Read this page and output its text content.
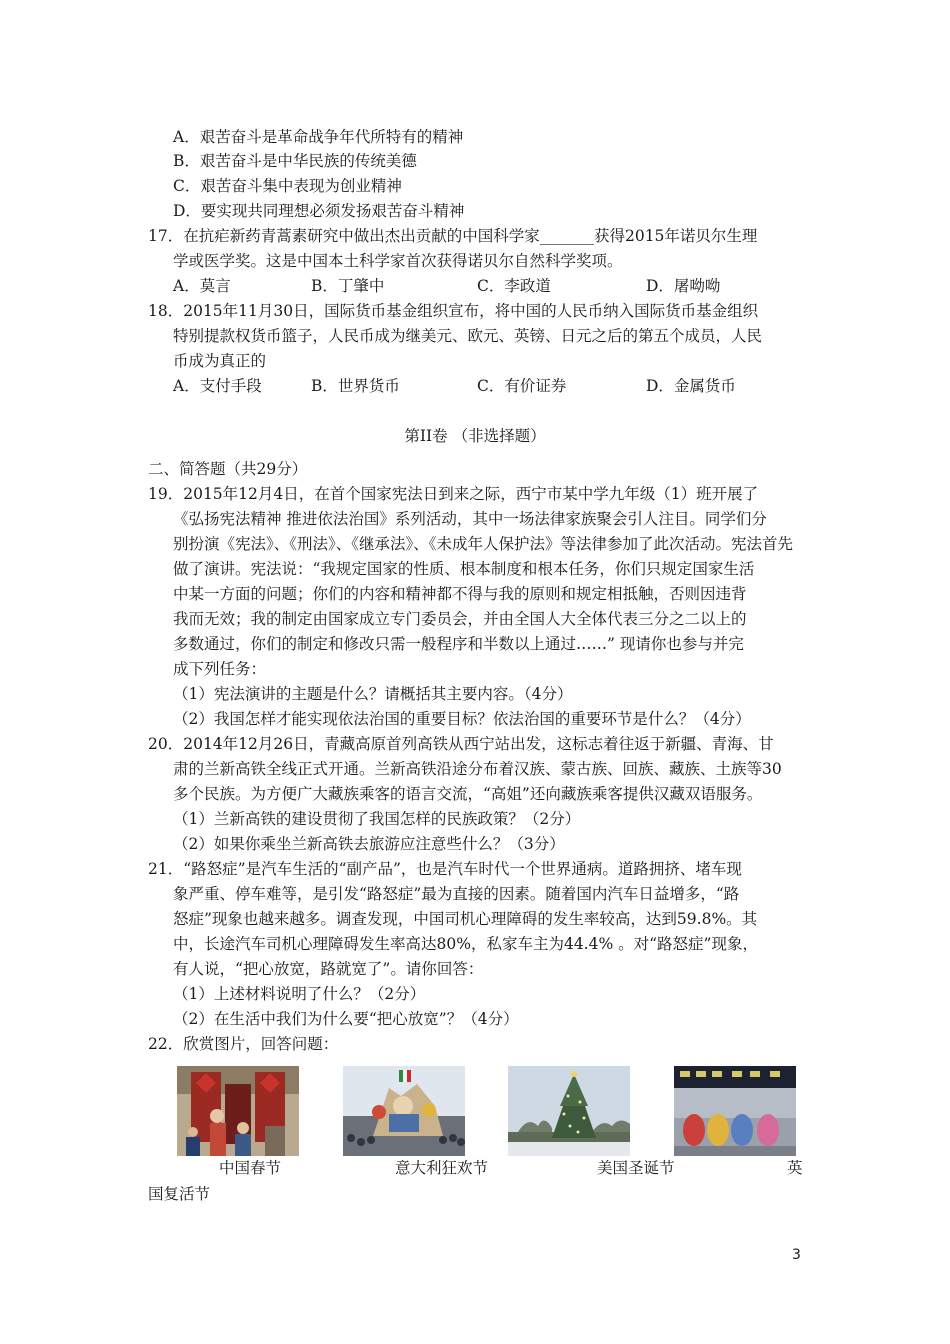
A．艰苦奋斗是革命战争年代所特有的精神
B．艰苦奋斗是中华民族的传统美德
C．艰苦奋斗集中表现为创业精神
D．要实现共同理想必须发扬艰苦奋斗精神
17．在抗疟新药青蒿素研究中做出杰出贡献的中国科学家_______获得2015年诺贝尔生理
学或医学奖。这是中国本土科学家首次获得诺贝尔自然科学奖项。
A．莫言	B．丁肇中	C．李政道	D．屠呦呦
18．2015年11月30日，国际货币基金组织宣布，将中国的人民币纳入国际货币基金组织
特别提款权货币篮子，人民币成为继美元、欧元、英镑、日元之后的第五个成员，人民
币成为真正的
A．支付手段	B．世界货币	C．有价证券	D．金属货币
第II卷 （非选择题）
二、简答题（共29分）
19．2015年12月4日，在首个国家宪法日到来之际，西宁市某中学九年级（1）班开展了
《弘扬宪法精神 推进依法治国》系列活动，其中一场法律家族聚会引人注目。同学们分
别扮演《宪法》、《刑法》、《继承法》、《未成年人保护法》等法律参加了此次活动。宪法首先
做了演讲。宪法说：“我规定国家的性质、根本制度和根本任务，你们只规定国家生活
中某一方面的问题；你们的内容和精神都不得与我的原则和规定相抵触，否则因违背
我而无效；我的制定由国家成立专门委员会，并由全国人大全体代表三分之二以上的
多数通过，你们的制定和修改只需一般程序和半数以上通过……” 现请你也参与并完
成下列任务：
（1）宪法演讲的主题是什么？请概括其主要内容。（4分）
（2）我国怎样才能实现依法治国的重要目标？依法治国的重要环节是什么？（4分）
20．2014年12月26日，青藏高原首列高铁从西宁站出发，这标志着往返于新疆、青海、甘
肃的兰新高铁全线正式开通。兰新高铁沿途分布着汉族、蒙古族、回族、藏族、土族等30
多个民族。为方便广大藏族乘客的语言交流，“高姐”还向藏族乘客提供汉藏双语服务。
（1）兰新高铁的建设贯彻了我国怎样的民族政策？（2分）
（2）如果你乘坐兰新高铁去旅游应注意些什么？（3分）
21．“路怒症”是汽车生活的“副产品”，也是汽车时代一个世界通病。道路拥挤、堵车现
象严重、停车难等，是引发“路怒症”最为直接的因素。随着国内汽车日益增多，“路
怒症”现象也越来越多。调查发现，中国司机心理障碍的发生率较高，达到59.8%。其
中，长途汽车司机心理障碍发生率高达80%，私家车主为44.4% 。对“路怒症”现象，
有人说，“把心放宽，路就宽了”。请你回答：
（1）上述材料说明了什么？（2分）
（2）在生活中我们为什么要“把心放宽”？（4分）
22．欣赏图片，回答问题：
中国春节	意大利狂欢节	美国圣诞节	英
国复活节
3
